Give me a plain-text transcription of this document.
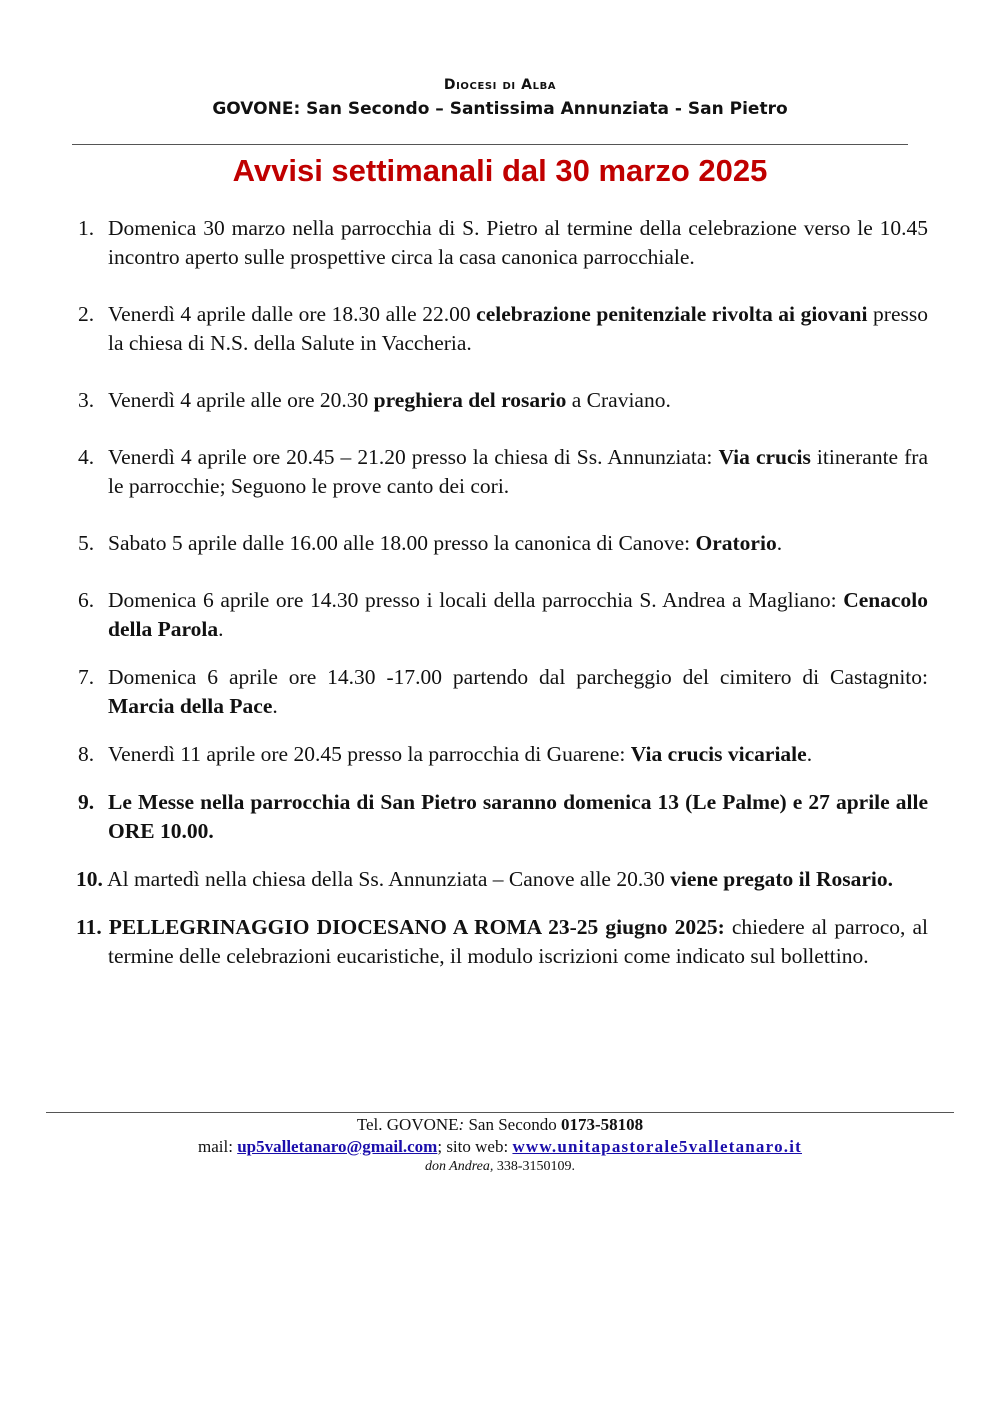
Diocesi di Alba
GOVONE: San Secondo – Santissima Annunziata - San Pietro
Avvisi settimanali dal 30 marzo 2025
1. Domenica 30 marzo nella parrocchia di S. Pietro al termine della celebrazione verso le 10.45 incontro aperto sulle prospettive circa la casa canonica parrocchiale.
2. Venerdì 4 aprile dalle ore 18.30 alle 22.00 celebrazione penitenziale rivolta ai giovani presso la chiesa di N.S. della Salute in Vaccheria.
3. Venerdì 4 aprile alle ore 20.30 preghiera del rosario a Craviano.
4. Venerdì 4 aprile ore 20.45 – 21.20 presso la chiesa di Ss. Annunziata: Via crucis itinerante fra le parrocchie; Seguono le prove canto dei cori.
5. Sabato 5 aprile dalle 16.00 alle 18.00 presso la canonica di Canove: Oratorio.
6. Domenica 6 aprile ore 14.30 presso i locali della parrocchia S. Andrea a Magliano: Cenacolo della Parola.
7. Domenica 6 aprile ore 14.30 -17.00 partendo dal parcheggio del cimitero di Castagnito: Marcia della Pace.
8. Venerdì 11 aprile ore 20.45 presso la parrocchia di Guarene: Via crucis vicariale.
9. Le Messe nella parrocchia di San Pietro saranno domenica 13 (Le Palme) e 27 aprile alle ORE 10.00.
10. Al martedì nella chiesa della Ss. Annunziata – Canove alle 20.30 viene pregato il Rosario.
11. PELLEGRINAGGIO DIOCESANO A ROMA 23-25 giugno 2025: chiedere al parroco, al termine delle celebrazioni eucaristiche, il modulo iscrizioni come indicato sul bollettino.
Tel. GOVONE: San Secondo 0173-58108
mail: up5valletanaro@gmail.com; sito web: www.unitapastorale5valletanaro.it
don Andrea, 338-3150109.
